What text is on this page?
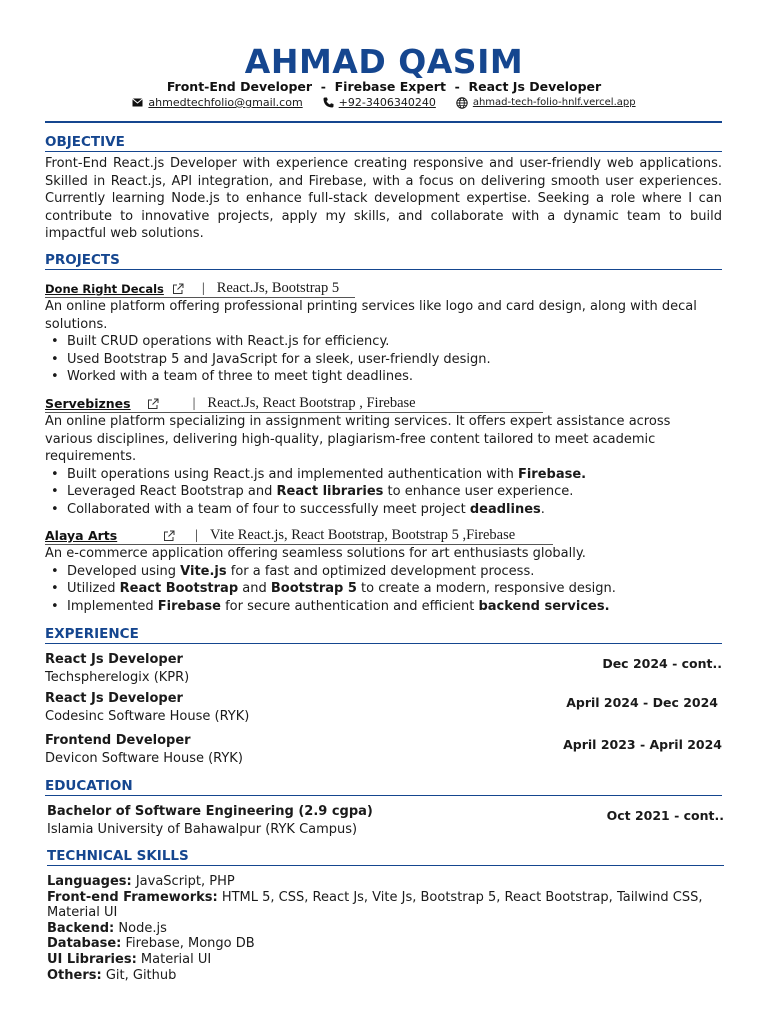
AHMAD QASIM
Front-End Developer  -  Firebase Expert  -  React Js Developer
ahmedtechfolio@gmail.com	+92-3406340240	ahmad-tech-folio-hnlf.vercel.app
OBJECTIVE
Front-End React.js Developer with experience creating responsive and user-friendly web applications. Skilled in React.js, API integration, and Firebase, with a focus on delivering smooth user experiences. Currently learning Node.js to enhance full-stack development expertise. Seeking a role where I can contribute to innovative projects, apply my skills, and collaborate with a dynamic team to build impactful web solutions.
PROJECTS
Done Right Decals	| React.Js, Bootstrap 5
An online platform offering professional printing services like logo and card design, along with decal solutions.
• Built CRUD operations with React.js for efficiency.
• Used Bootstrap 5 and JavaScript for a sleek, user-friendly design.
• Worked with a team of three to meet tight deadlines.
Servebiznes	| React.Js, React Bootstrap , Firebase
An online platform specializing in assignment writing services. It offers expert assistance across various disciplines, delivering high-quality, plagiarism-free content tailored to meet academic requirements.
• Built operations using React.js and implemented authentication with Firebase.
• Leveraged React Bootstrap and React libraries to enhance user experience.
• Collaborated with a team of four to successfully meet project deadlines.
Alaya Arts	| Vite React.js, React Bootstrap, Bootstrap 5 ,Firebase
An e-commerce application offering seamless solutions for art enthusiasts globally.
• Developed using Vite.js for a fast and optimized development process.
• Utilized React Bootstrap and Bootstrap 5 to create a modern, responsive design.
• Implemented Firebase for secure authentication and efficient backend services.
EXPERIENCE
React Js Developer
Techspherelogix (KPR)
Dec 2024 - cont..
React Js Developer
Codesinc Software House (RYK)
April 2024 - Dec 2024
Frontend Developer
Devicon Software House (RYK)
April 2023 - April 2024
EDUCATION
Bachelor of Software Engineering (2.9 cgpa)
Islamia University of Bahawalpur (RYK Campus)
Oct 2021 - cont..
TECHNICAL SKILLS
Languages: JavaScript, PHP
Front-end Frameworks: HTML 5, CSS, React Js, Vite Js, Bootstrap 5, React Bootstrap, Tailwind CSS, Material UI
Backend: Node.js
Database: Firebase, Mongo DB
UI Libraries: Material UI
Others: Git, Github
